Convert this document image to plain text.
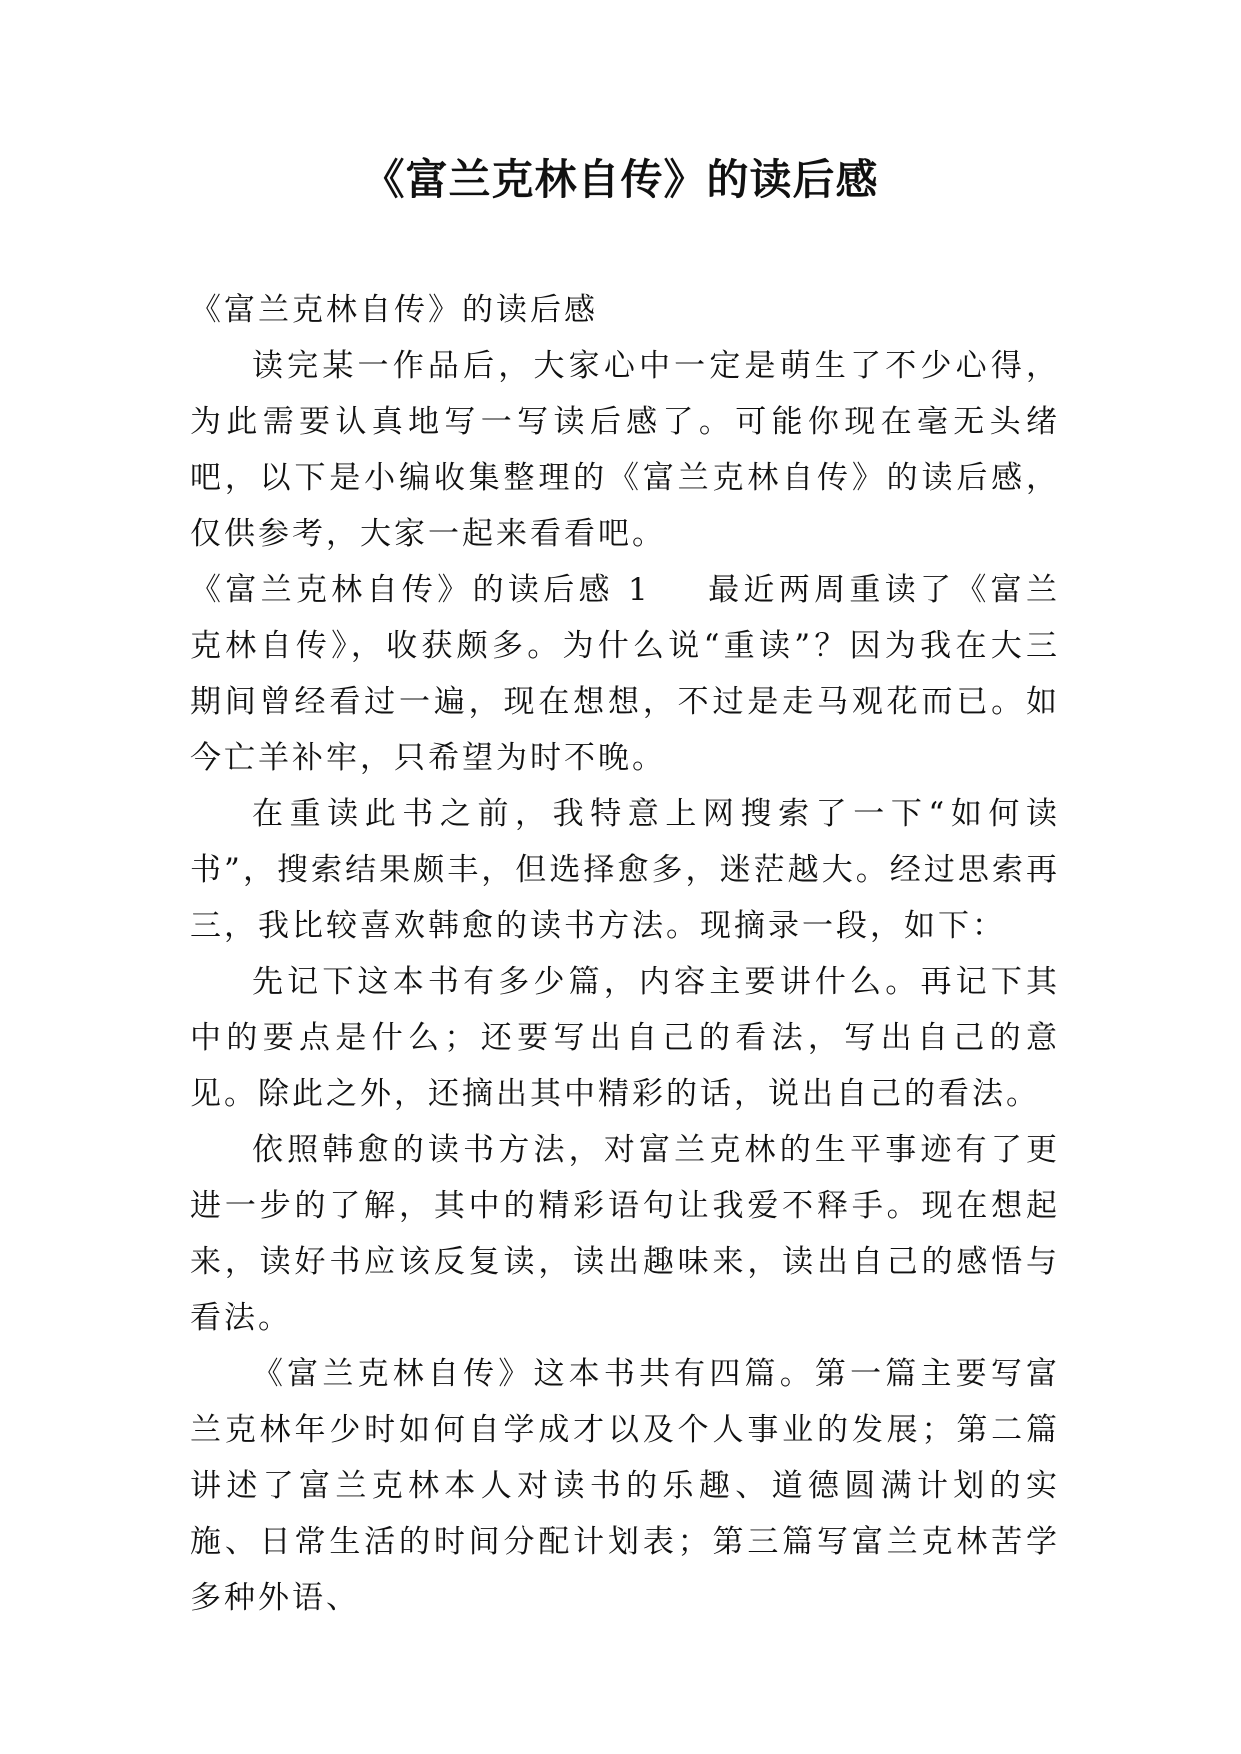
《富兰克林自传》的读后感

《富兰克林自传》的读后感

读完某一作品后，大家心中一定是萌生了不少心得，为此需要认真地写一写读后感了。可能你现在毫无头绪吧，以下是小编收集整理的《富兰克林自传》的读后感，仅供参考，大家一起来看看吧。

《富兰克林自传》的读后感 1 最近两周重读了《富兰克林自传》，收获颇多。为什么说“重读”？因为我在大三期间曾经看过一遍，现在想想，不过是走马观花而已。如今亡羊补牢，只希望为时不晚。

在重读此书之前，我特意上网搜索了一下“如何读书”，搜索结果颇丰，但选择愈多，迷茫越大。经过思索再三，我比较喜欢韩愈的读书方法。现摘录一段，如下：

先记下这本书有多少篇，内容主要讲什么。再记下其中的要点是什么；还要写出自己的看法，写出自己的意见。除此之外，还摘出其中精彩的话，说出自己的看法。

依照韩愈的读书方法，对富兰克林的生平事迹有了更进一步的了解，其中的精彩语句让我爱不释手。现在想起来，读好书应该反复读，读出趣味来，读出自己的感悟与看法。

《富兰克林自传》这本书共有四篇。第一篇主要写富兰克林年少时如何自学成才以及个人事业的发展；第二篇讲述了富兰克林本人对读书的乐趣、道德圆满计划的实施、日常生活的时间分配计划表；第三篇写富兰克林苦学多种外语、
